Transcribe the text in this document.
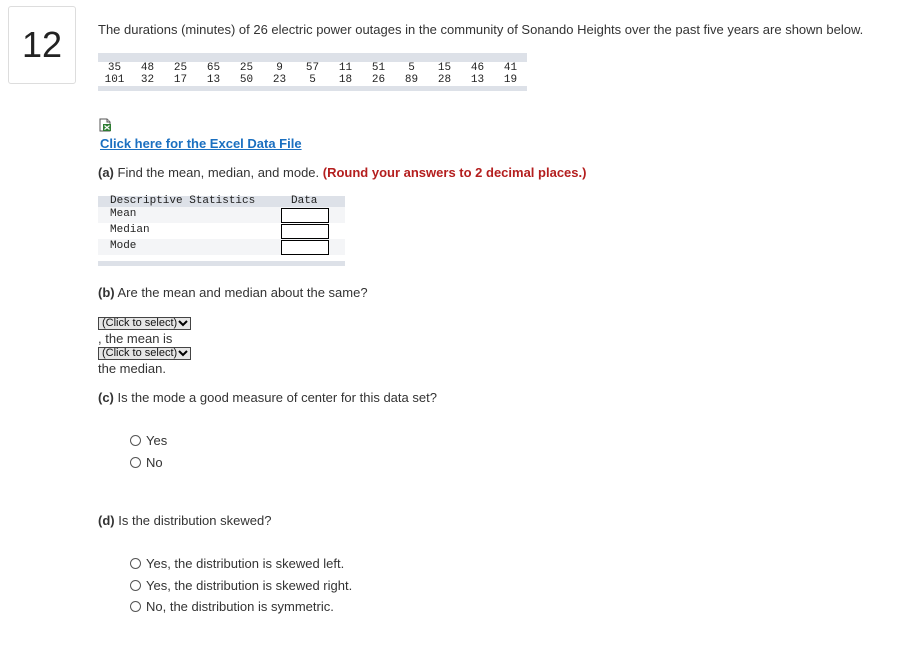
12	The durations (minutes) of 26 electric power outages in the community of Sonando Heights over the past five years are shown below.
35	48	25	65	25	9	57	11	51	5	15	46	41
101	32	17	13	50	23	5	18	26	89	28	13	19
Click here for the Excel Data File
(a) Find the mean, median, and mode. (Round your answers to 2 decimal places.)
Descriptive Statistics	Data
Mean
Median
Mode
(b) Are the mean and median about the same?
(Click to select)
, the mean is
(Click to select)
the median.
(c) Is the mode a good measure of center for this data set?
Yes
No
(d) Is the distribution skewed?
Yes, the distribution is skewed left.
Yes, the distribution is skewed right.
No, the distribution is symmetric.
